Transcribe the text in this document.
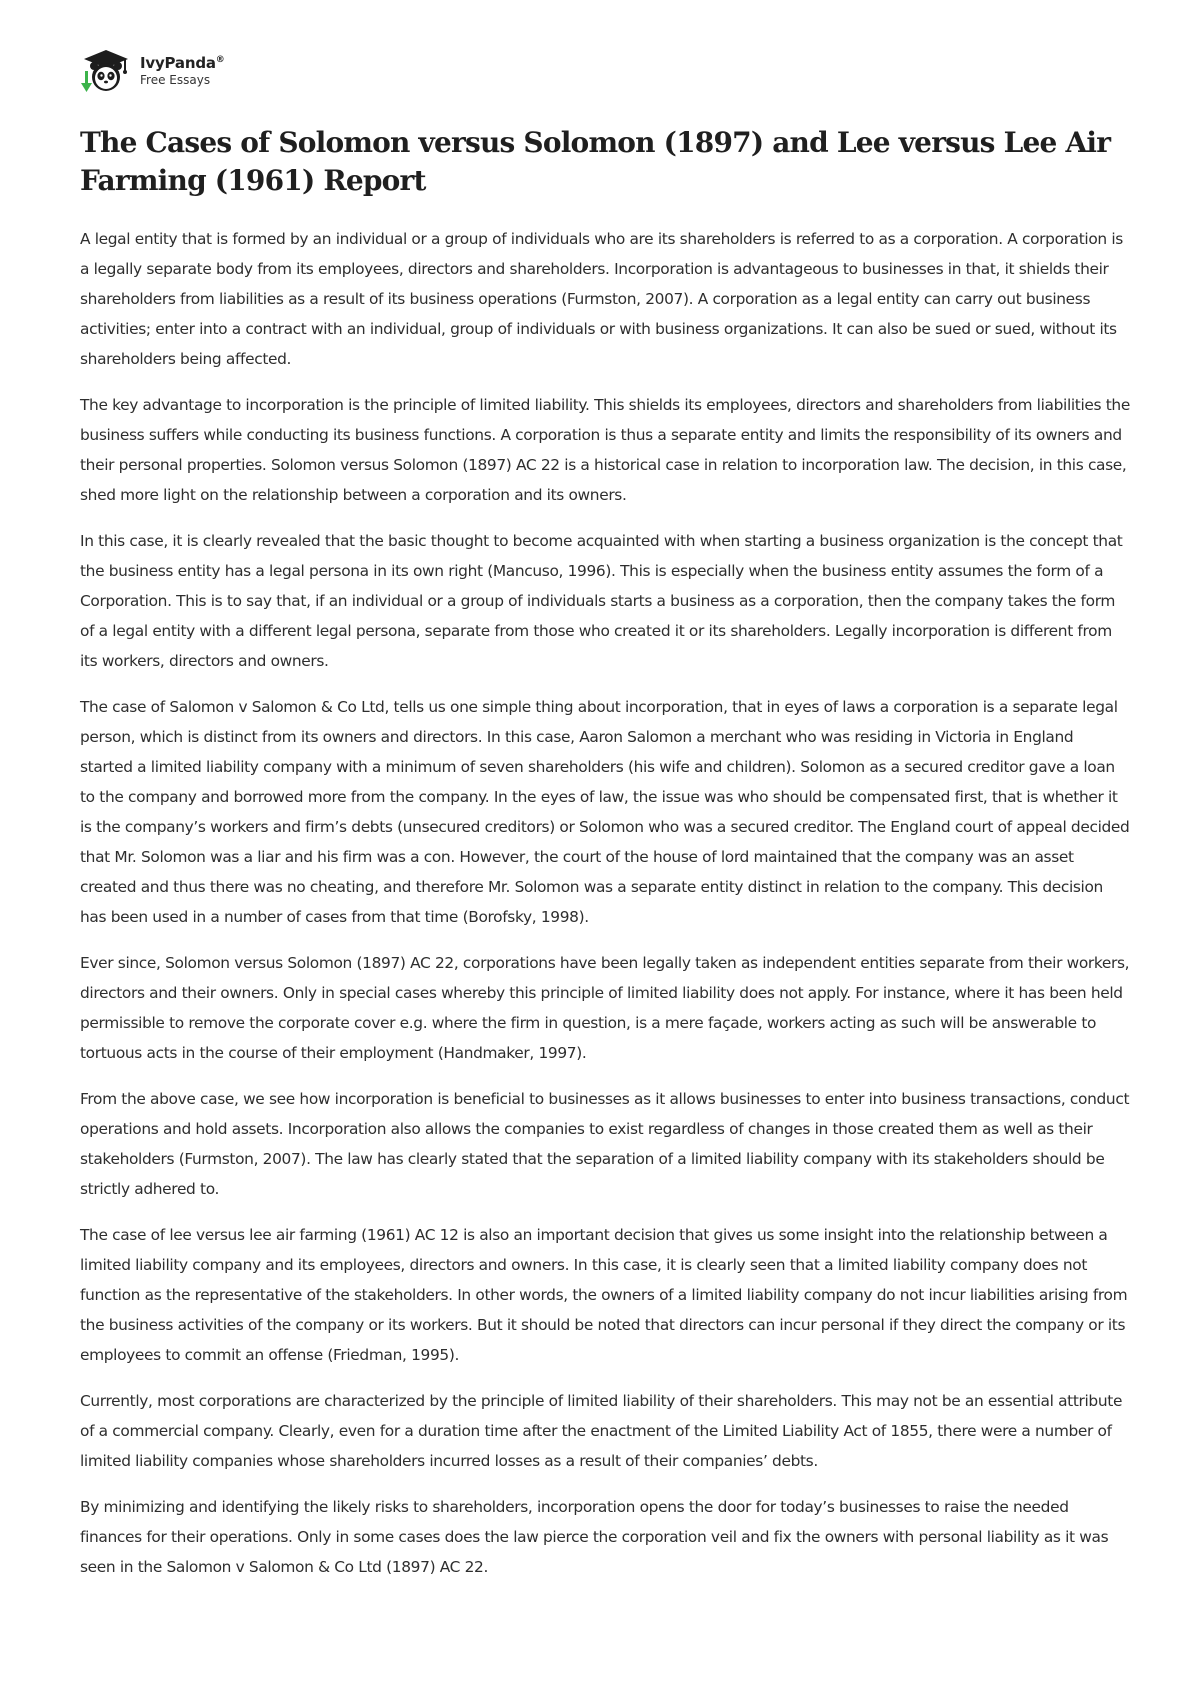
IvyPanda®
Free Essays
The Cases of Solomon versus Solomon (1897) and Lee versus Lee Air Farming (1961) Report

A legal entity that is formed by an individual or a group of individuals who are its shareholders is referred to as a corporation. A corporation is a legally separate body from its employees, directors and shareholders. Incorporation is advantageous to businesses in that, it shields their shareholders from liabilities as a result of its business operations (Furmston, 2007). A corporation as a legal entity can carry out business activities; enter into a contract with an individual, group of individuals or with business organizations. It can also be sued or sued, without its shareholders being affected.

The key advantage to incorporation is the principle of limited liability. This shields its employees, directors and shareholders from liabilities the business suffers while conducting its business functions. A corporation is thus a separate entity and limits the responsibility of its owners and their personal properties. Solomon versus Solomon (1897) AC 22 is a historical case in relation to incorporation law. The decision, in this case, shed more light on the relationship between a corporation and its owners.

In this case, it is clearly revealed that the basic thought to become acquainted with when starting a business organization is the concept that the business entity has a legal persona in its own right (Mancuso, 1996). This is especially when the business entity assumes the form of a Corporation. This is to say that, if an individual or a group of individuals starts a business as a corporation, then the company takes the form of a legal entity with a different legal persona, separate from those who created it or its shareholders. Legally incorporation is different from its workers, directors and owners.

The case of Salomon v Salomon & Co Ltd, tells us one simple thing about incorporation, that in eyes of laws a corporation is a separate legal person, which is distinct from its owners and directors. In this case, Aaron Salomon a merchant who was residing in Victoria in England started a limited liability company with a minimum of seven shareholders (his wife and children). Solomon as a secured creditor gave a loan to the company and borrowed more from the company. In the eyes of law, the issue was who should be compensated first, that is whether it is the company’s workers and firm’s debts (unsecured creditors) or Solomon who was a secured creditor. The England court of appeal decided that Mr. Solomon was a liar and his firm was a con. However, the court of the house of lord maintained that the company was an asset created and thus there was no cheating, and therefore Mr. Solomon was a separate entity distinct in relation to the company. This decision has been used in a number of cases from that time (Borofsky, 1998).

Ever since, Solomon versus Solomon (1897) AC 22, corporations have been legally taken as independent entities separate from their workers, directors and their owners. Only in special cases whereby this principle of limited liability does not apply. For instance, where it has been held permissible to remove the corporate cover e.g. where the firm in question, is a mere façade, workers acting as such will be answerable to tortuous acts in the course of their employment (Handmaker, 1997).

From the above case, we see how incorporation is beneficial to businesses as it allows businesses to enter into business transactions, conduct operations and hold assets. Incorporation also allows the companies to exist regardless of changes in those created them as well as their stakeholders (Furmston, 2007). The law has clearly stated that the separation of a limited liability company with its stakeholders should be strictly adhered to.

The case of lee versus lee air farming (1961) AC 12 is also an important decision that gives us some insight into the relationship between a limited liability company and its employees, directors and owners. In this case, it is clearly seen that a limited liability company does not function as the representative of the stakeholders. In other words, the owners of a limited liability company do not incur liabilities arising from the business activities of the company or its workers. But it should be noted that directors can incur personal if they direct the company or its employees to commit an offense (Friedman, 1995).

Currently, most corporations are characterized by the principle of limited liability of their shareholders. This may not be an essential attribute of a commercial company. Clearly, even for a duration time after the enactment of the Limited Liability Act of 1855, there were a number of limited liability companies whose shareholders incurred losses as a result of their companies’ debts.

By minimizing and identifying the likely risks to shareholders, incorporation opens the door for today’s businesses to raise the needed finances for their operations. Only in some cases does the law pierce the corporation veil and fix the owners with personal liability as it was seen in the Salomon v Salomon & Co Ltd (1897) AC 22.
